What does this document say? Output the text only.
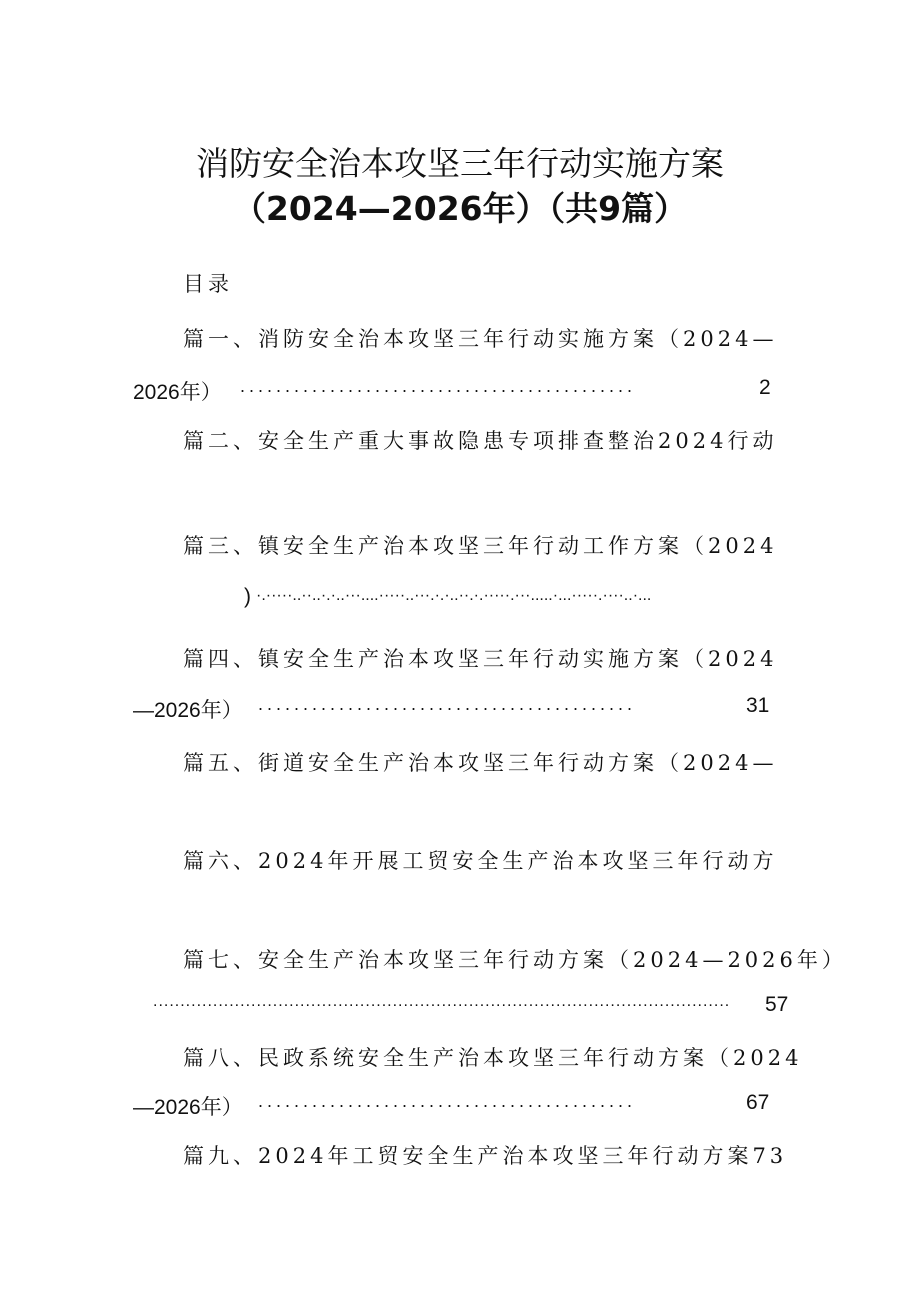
消防安全治本攻坚三年行动实施方案
（2024—2026年）（共9篇）
目录
篇一、消防安全治本攻坚三年行动实施方案（2024—
2026年） ............................................	2
篇二、安全生产重大事故隐患专项排查整治2024行动
篇三、镇安全生产治本攻坚三年行动工作方案（2024
) ·.·····..··..·.·..···....·····..···.·.·..··.·.·····.···.....·...·····.····..·...
篇四、镇安全生产治本攻坚三年行动实施方案（2024
—2026年） ..........................................	31
篇五、街道安全生产治本攻坚三年行动方案（2024—
篇六、2024年开展工贸安全生产治本攻坚三年行动方
篇七、安全生产治本攻坚三年行动方案（2024—2026年）
..........................................................................................................	57
篇八、民政系统安全生产治本攻坚三年行动方案（2024
—2026年） ..........................................	67
篇九、2024年工贸安全生产治本攻坚三年行动方案73
